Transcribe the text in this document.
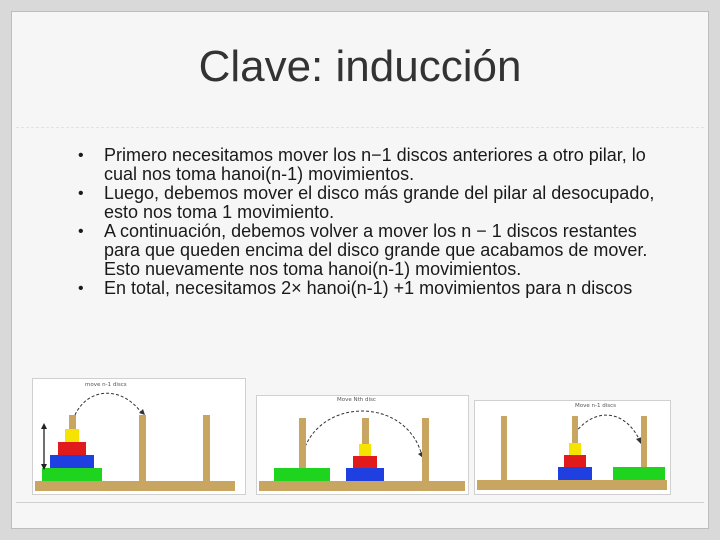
Clave: inducción
• Primero necesitamos mover los n−1 discos anteriores a otro pilar, lo cual nos toma hanoi(n-1) movimientos.
• Luego, debemos mover el disco más grande del pilar al desocupado, esto nos toma 1 movimiento.
• A continuación, debemos volver a mover los n − 1 discos restantes para que queden encima del disco grande que acabamos de mover. Esto nuevamente nos toma hanoi(n-1) movimientos.
• En total, necesitamos 2× hanoi(n-1) +1 movimientos para n discos
move n-1 discs
Move Nth disc
Move n-1 discs
